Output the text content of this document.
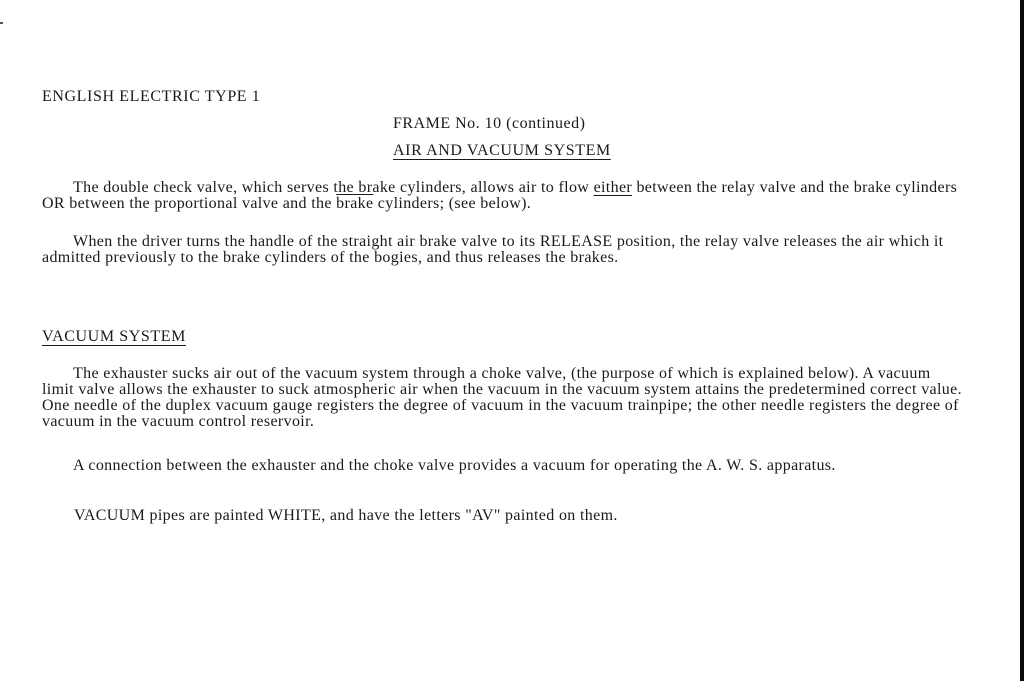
ENGLISH ELECTRIC TYPE 1
FRAME No. 10 (continued)
AIR AND VACUUM SYSTEM

The double check valve, which serves the brake cylinders, allows air to flow either between the relay valve and the brake cylinders OR between the proportional valve and the brake cylinders; (see below).

When the driver turns the handle of the straight air brake valve to its RELEASE position, the relay valve releases the air which it admitted previously to the brake cylinders of the bogies, and thus releases the brakes.

VACUUM SYSTEM

The exhauster sucks air out of the vacuum system through a choke valve, (the purpose of which is explained below). A vacuum limit valve allows the exhauster to suck atmospheric air when the vacuum in the vacuum system attains the predetermined correct value. One needle of the duplex vacuum gauge registers the degree of vacuum in the vacuum trainpipe; the other needle registers the degree of vacuum in the vacuum control reservoir.

A connection between the exhauster and the choke valve provides a vacuum for operating the A. W. S. apparatus.

VACUUM pipes are painted WHITE, and have the letters "AV" painted on them.
